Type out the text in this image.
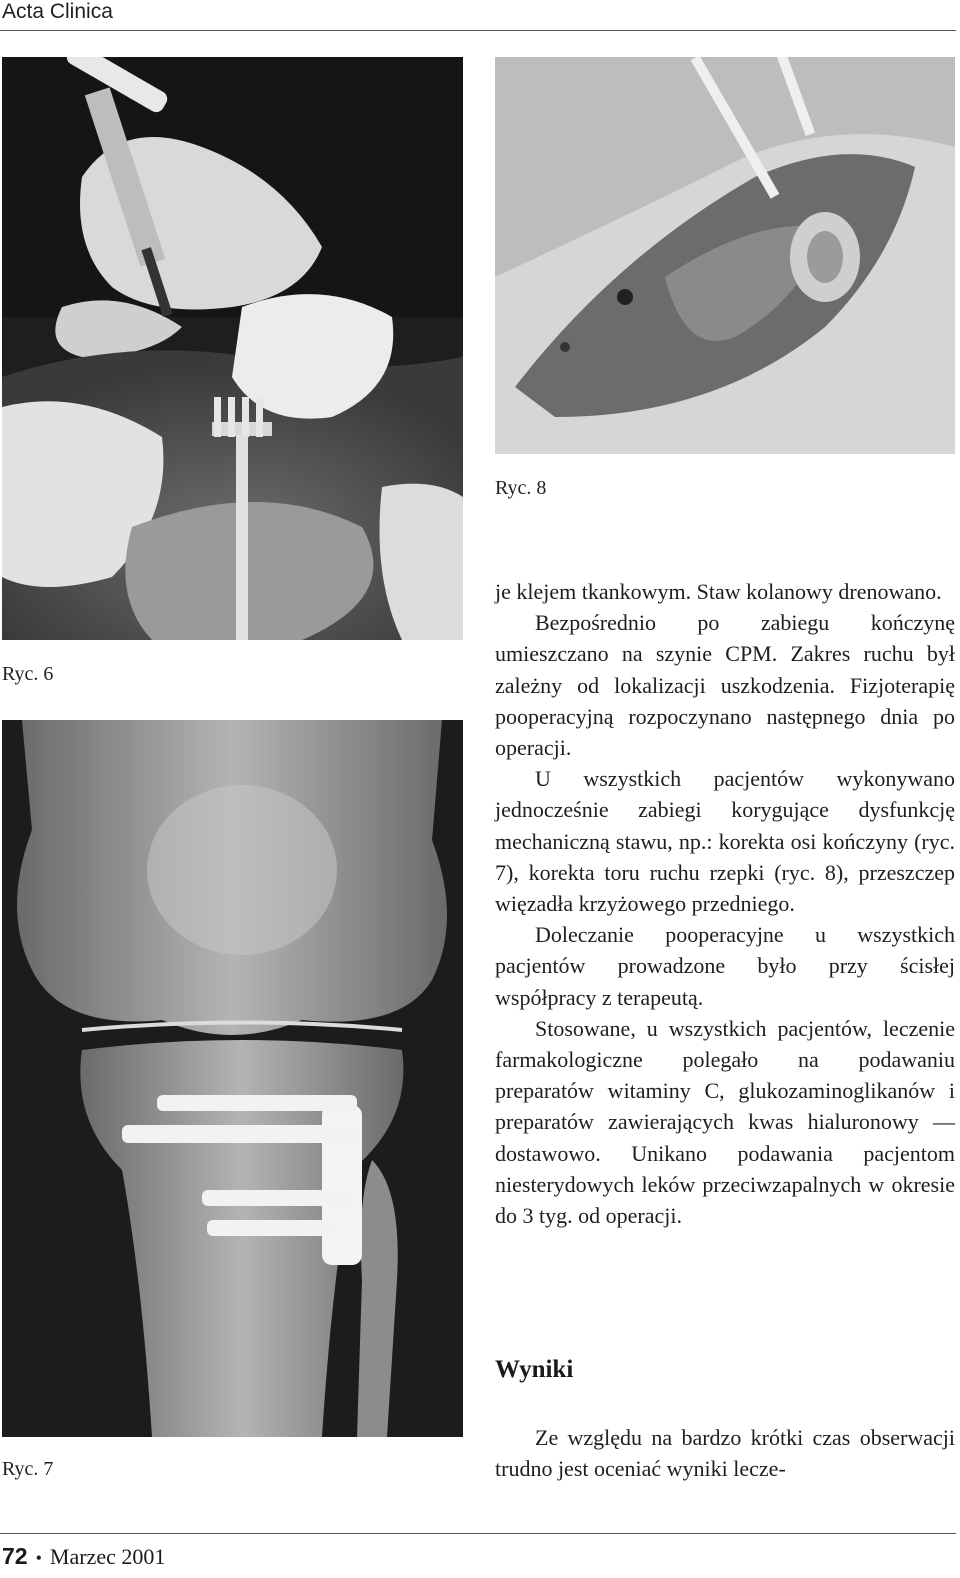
Acta Clinica
Ryc. 6
Ryc. 8
Ryc. 7

je klejem tkankowym. Staw kolanowy drenowano.

Bezpośrednio po zabiegu kończynę umieszczano na szynie CPM. Zakres ruchu był zależny od lokalizacji uszkodzenia. Fizjoterapię pooperacyjną rozpoczynano następnego dnia po operacji.

U wszystkich pacjentów wykonywano jednocześnie zabiegi korygujące dysfunkcję mechaniczną stawu, np.: korekta osi kończyny (ryc. 7), korekta toru ruchu rzepki (ryc. 8), przeszczep więzadła krzyżowego przedniego.

Doleczanie pooperacyjne u wszystkich pacjentów prowadzone było przy ścisłej współpracy z terapeutą.

Stosowane, u wszystkich pacjentów, leczenie farmakologiczne polegało na podawaniu preparatów witaminy C, glukozaminoglikanów i preparatów zawierających kwas hialuronowy — dostawowo. Unikano podawania pacjentom niesterydowych leków przeciwzapalnych w okresie do 3 tyg. od operacji.

Wyniki

Ze względu na bardzo krótki czas obserwacji trudno jest oceniać wyniki lecze-

72 • Marzec 2001
